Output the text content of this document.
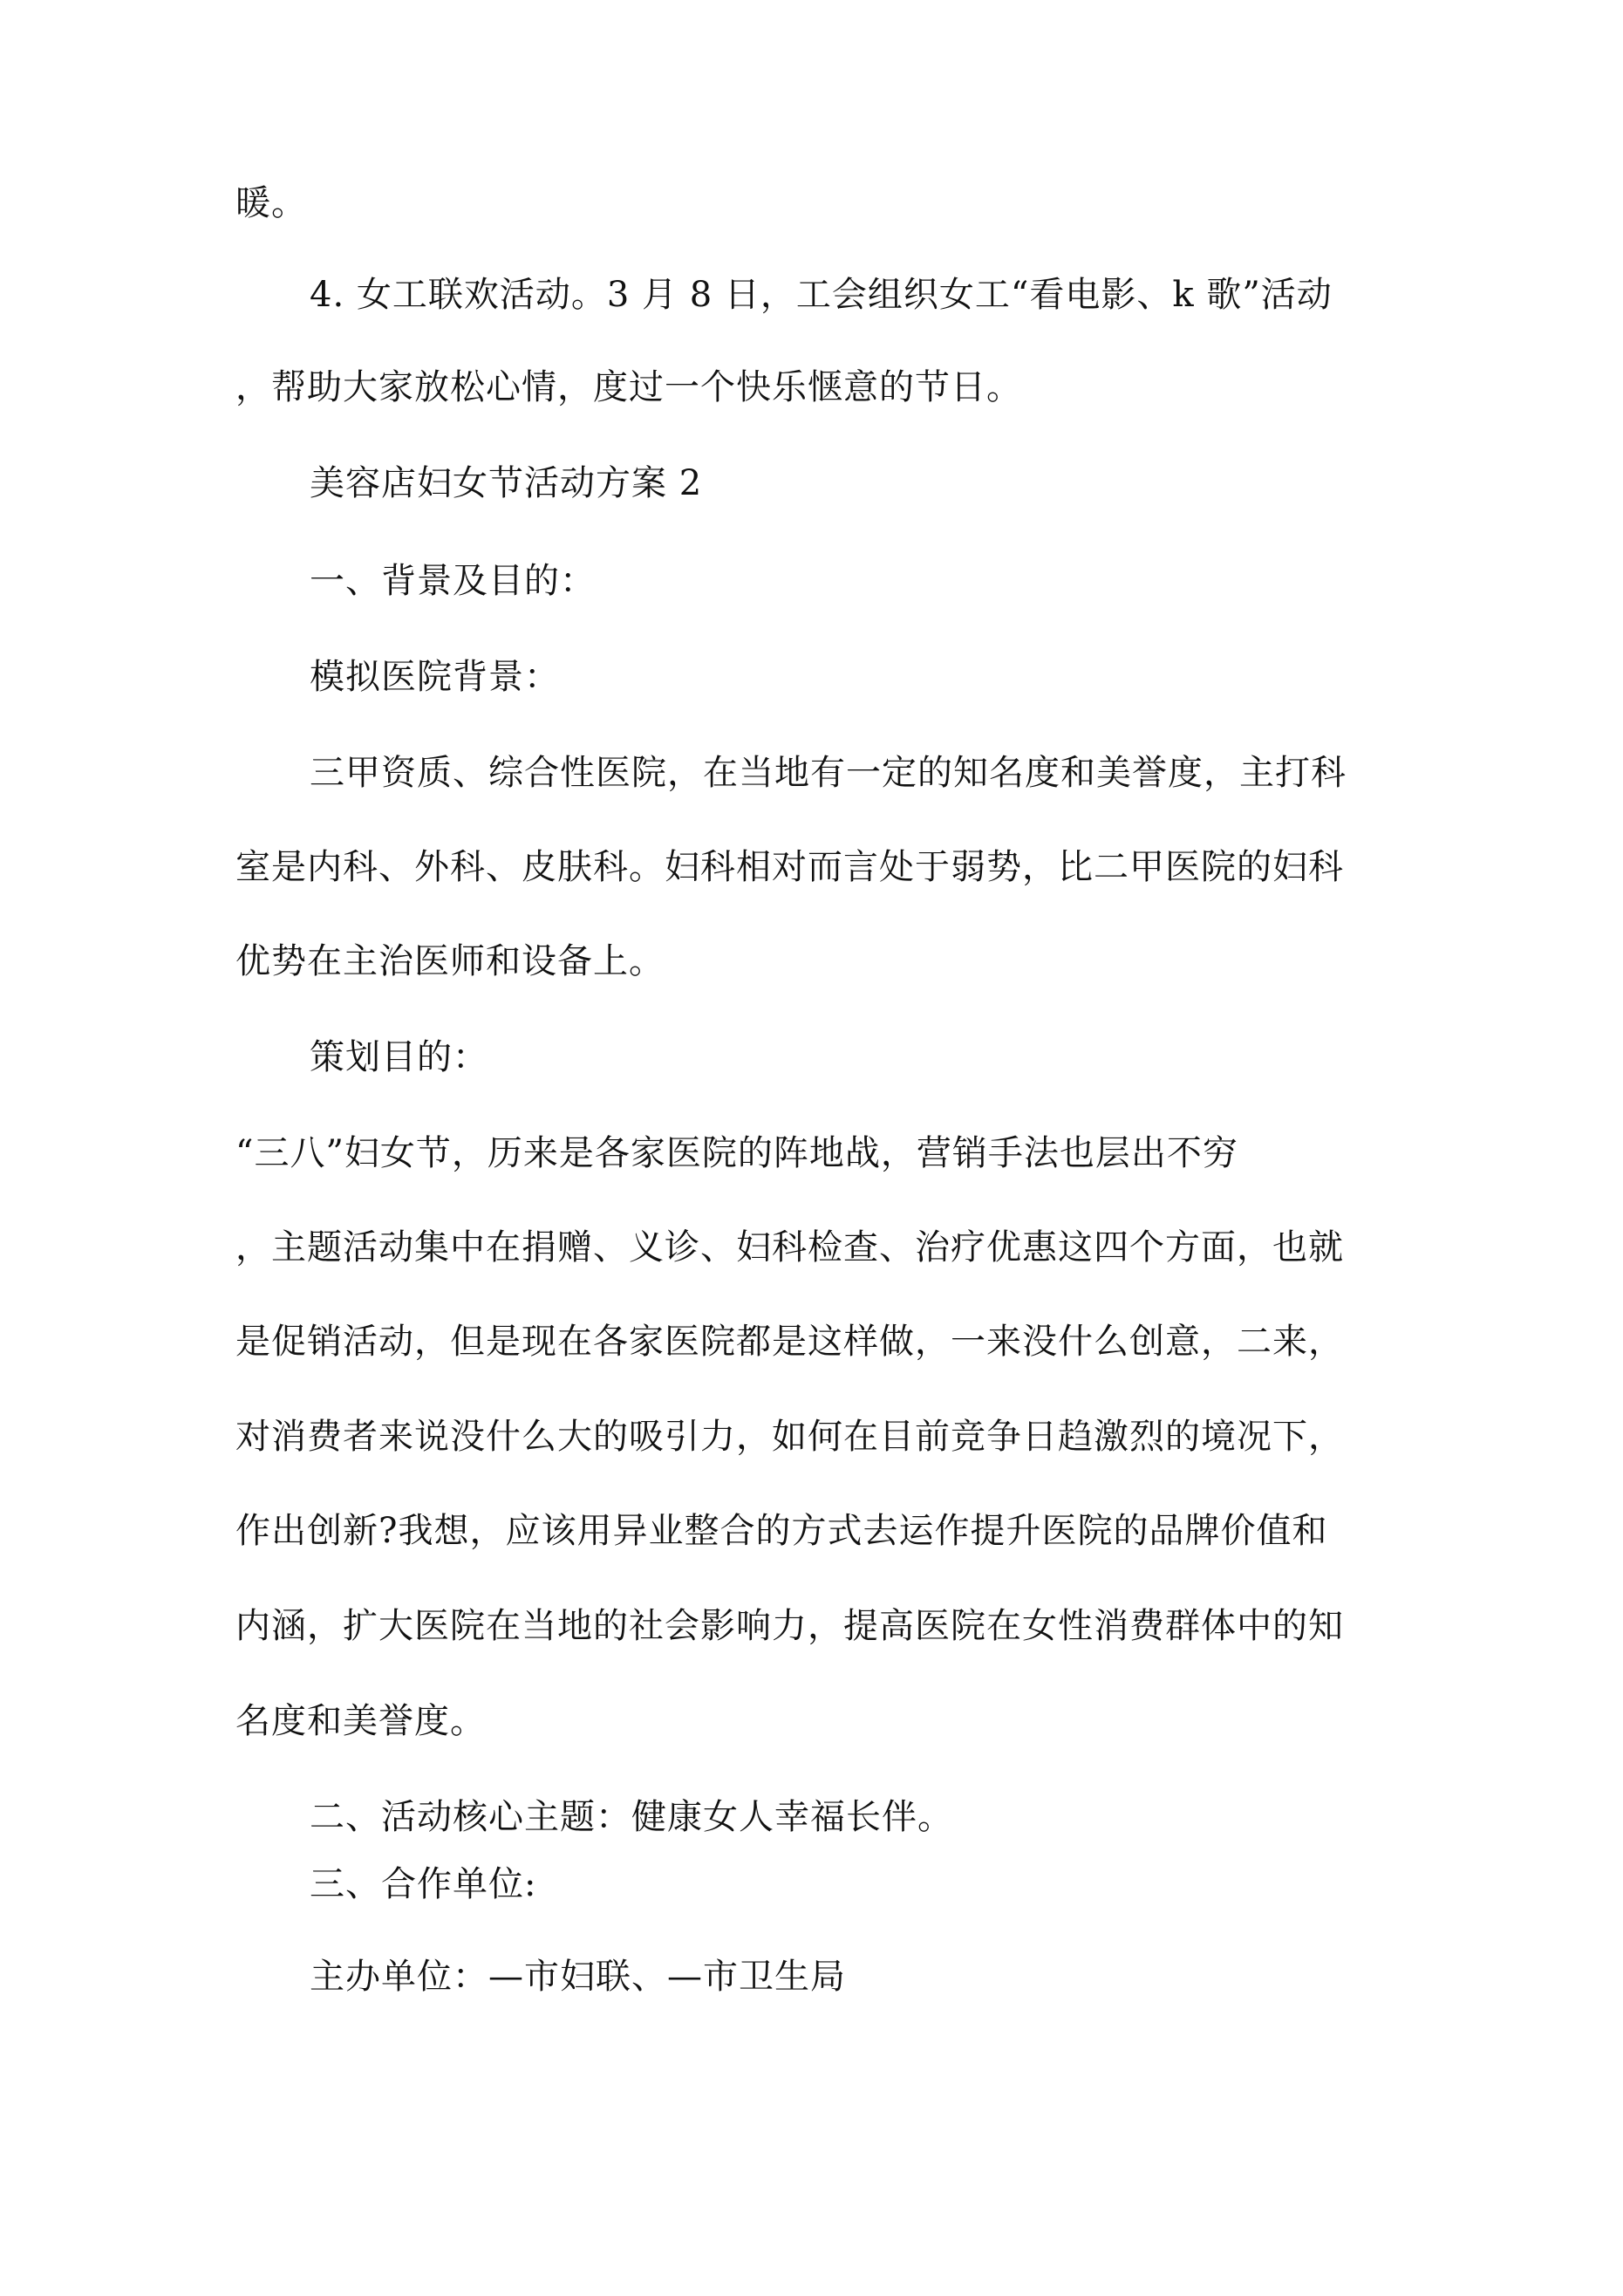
暖。
4. 女工联欢活动。3 月 8 日，工会组织女工“看电影、k 歌”活动
，帮助大家放松心情，度过一个快乐惬意的节日。
美容店妇女节活动方案 2
一、背景及目的：
模拟医院背景：
三甲资质、综合性医院，在当地有一定的知名度和美誉度，主打科
室是内科、外科、皮肤科。妇科相对而言处于弱势，比二甲医院的妇科
优势在主治医师和设备上。
策划目的：
“三八”妇女节，历来是各家医院的阵地战，营销手法也层出不穷
，主题活动集中在捐赠、义诊、妇科检查、治疗优惠这四个方面，也就
是促销活动，但是现在各家医院都是这样做，一来没什么创意，二来，
对消费者来说没什么大的吸引力，如何在目前竞争日趋激烈的境况下，
作出创新?我想，应该用异业整合的方式去运作提升医院的品牌价值和
内涵，扩大医院在当地的社会影响力，提高医院在女性消费群体中的知
名度和美誉度。
二、活动核心主题：健康女人幸福长伴。
三、合作单位:
主办单位：—市妇联、—市卫生局
